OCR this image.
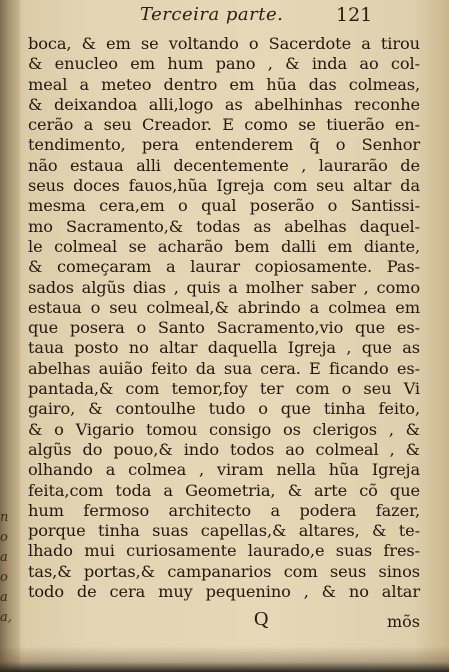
Terceira parte.	121
n
o
a
o
a
a,
boca, & em se voltando o Sacerdote a tirou
& enucleo em hum pano , & inda ao col-
meal a meteo dentro em hũa das colmeas,
& deixandoa alli,logo as abelhinhas reconhe
cerão a seu Creador. E como se tiuerão en-
tendimento, pera entenderem q̃ o Senhor
não estaua alli decentemente , laurarão de
seus doces fauos,hũa Igreja com seu altar da
mesma cera,em o qual poserão o Santissi-
mo Sacramento,& todas as abelhas daquel-
le colmeal se acharão bem dalli em diante,
& começaram a laurar copiosamente. Pas-
sados algũs dias , quis a molher saber , como
estaua o seu colmeal,& abrindo a colmea em
que posera o Santo Sacramento,vio que es-
taua posto no altar daquella Igreja , que as
abelhas auião feito da sua cera. E ficando es-
pantada,& com temor,foy ter com o seu Vi
gairo, & contoulhe tudo o que tinha feito,
& o Vigario tomou consigo os clerigos , &
algũs do pouo,& indo todos ao colmeal , &
olhando a colmea , viram nella hũa Igreja
feita,com toda a Geometria, & arte cõ que
hum fermoso architecto a podera fazer,
porque tinha suas capellas,& altares, & te-
lhado mui curiosamente laurado,e suas fres-
tas,& portas,& campanarios com seus sinos
todo de cera muy pequenino , & no altar
Q	mõs
